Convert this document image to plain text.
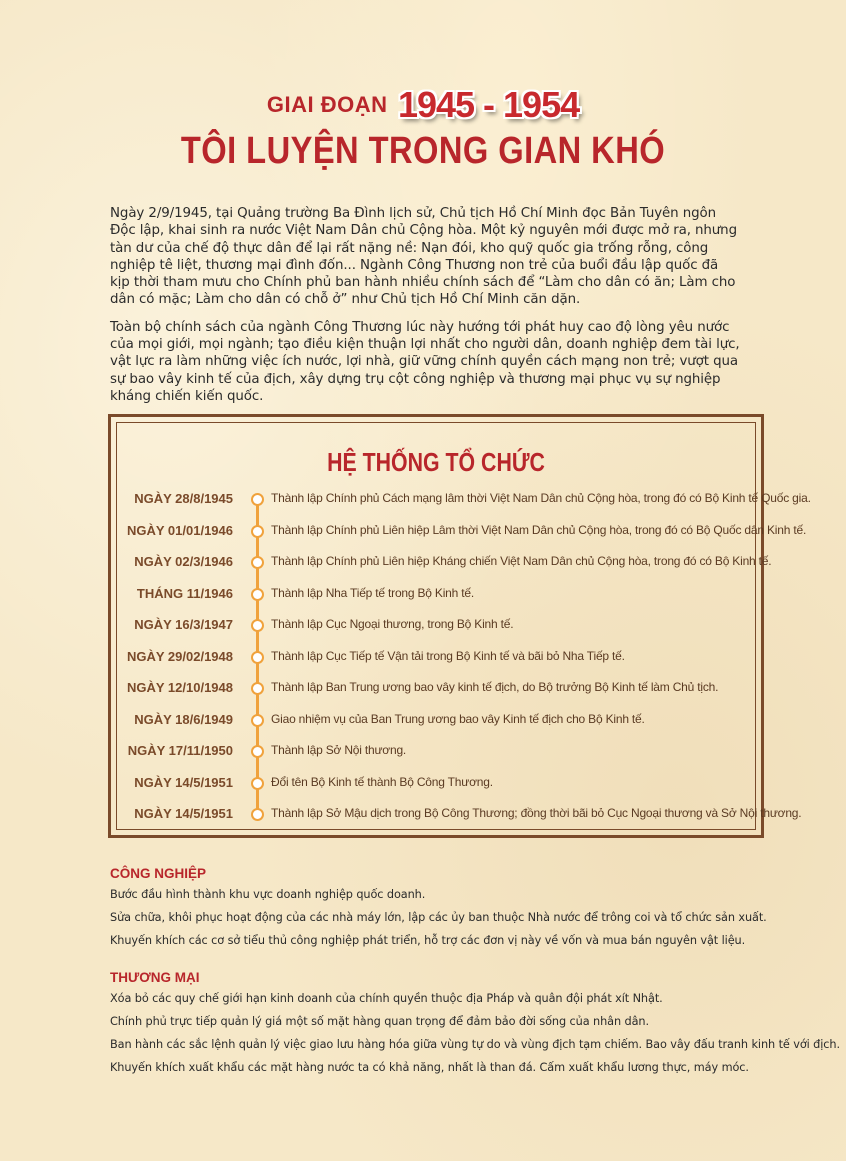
GIAI ĐOẠN 1945 - 1954
TÔI LUYỆN TRONG GIAN KHÓ

Ngày 2/9/1945, tại Quảng trường Ba Đình lịch sử, Chủ tịch Hồ Chí Minh đọc Bản Tuyên ngôn Độc lập, khai sinh ra nước Việt Nam Dân chủ Cộng hòa. Một kỷ nguyên mới được mở ra, nhưng tàn dư của chế độ thực dân để lại rất nặng nề: Nạn đói, kho quỹ quốc gia trống rỗng, công nghiệp tê liệt, thương mại đình đốn... Ngành Công Thương non trẻ của buổi đầu lập quốc đã kịp thời tham mưu cho Chính phủ ban hành nhiều chính sách để “Làm cho dân có ăn; Làm cho dân có mặc; Làm cho dân có chỗ ở” như Chủ tịch Hồ Chí Minh căn dặn.

Toàn bộ chính sách của ngành Công Thương lúc này hướng tới phát huy cao độ lòng yêu nước của mọi giới, mọi ngành; tạo điều kiện thuận lợi nhất cho người dân, doanh nghiệp đem tài lực, vật lực ra làm những việc ích nước, lợi nhà, giữ vững chính quyền cách mạng non trẻ; vượt qua sự bao vây kinh tế của địch, xây dựng trụ cột công nghiệp và thương mại phục vụ sự nghiệp kháng chiến kiến quốc.

HỆ THỐNG TỔ CHỨC
NGÀY 28/8/1945	Thành lập Chính phủ Cách mạng lâm thời Việt Nam Dân chủ Cộng hòa, trong đó có Bộ Kinh tế Quốc gia.
NGÀY 01/01/1946	Thành lập Chính phủ Liên hiệp Lâm thời Việt Nam Dân chủ Cộng hòa, trong đó có Bộ Quốc dân Kinh tế.
NGÀY 02/3/1946	Thành lập Chính phủ Liên hiệp Kháng chiến Việt Nam Dân chủ Cộng hòa, trong đó có Bộ Kinh tế.
THÁNG 11/1946	Thành lập Nha Tiếp tế trong Bộ Kinh tế.
NGÀY 16/3/1947	Thành lập Cục Ngoại thương, trong Bộ Kinh tế.
NGÀY 29/02/1948	Thành lập Cục Tiếp tế Vận tải trong Bộ Kinh tế và bãi bỏ Nha Tiếp tế.
NGÀY 12/10/1948	Thành lập Ban Trung ương bao vây kinh tế địch, do Bộ trưởng Bộ Kinh tế làm Chủ tịch.
NGÀY 18/6/1949	Giao nhiệm vụ của Ban Trung ương bao vây Kinh tế địch cho Bộ Kinh tế.
NGÀY 17/11/1950	Thành lập Sở Nội thương.
NGÀY 14/5/1951	Đổi tên Bộ Kinh tế thành Bộ Công Thương.
NGÀY 14/5/1951	Thành lập Sở Mậu dịch trong Bộ Công Thương; đồng thời bãi bỏ Cục Ngoại thương và Sở Nội thương.
CÔNG NGHIỆP
Bước đầu hình thành khu vực doanh nghiệp quốc doanh.
Sửa chữa, khôi phục hoạt động của các nhà máy lớn, lập các ủy ban thuộc Nhà nước để trông coi và tổ chức sản xuất.
Khuyến khích các cơ sở tiểu thủ công nghiệp phát triển, hỗ trợ các đơn vị này về vốn và mua bán nguyên vật liệu.
THƯƠNG MẠI
Xóa bỏ các quy chế giới hạn kinh doanh của chính quyền thuộc địa Pháp và quân đội phát xít Nhật.
Chính phủ trực tiếp quản lý giá một số mặt hàng quan trọng để đảm bảo đời sống của nhân dân.
Ban hành các sắc lệnh quản lý việc giao lưu hàng hóa giữa vùng tự do và vùng địch tạm chiếm. Bao vây đấu tranh kinh tế với địch.
Khuyến khích xuất khẩu các mặt hàng nước ta có khả năng, nhất là than đá. Cấm xuất khẩu lương thực, máy móc.
